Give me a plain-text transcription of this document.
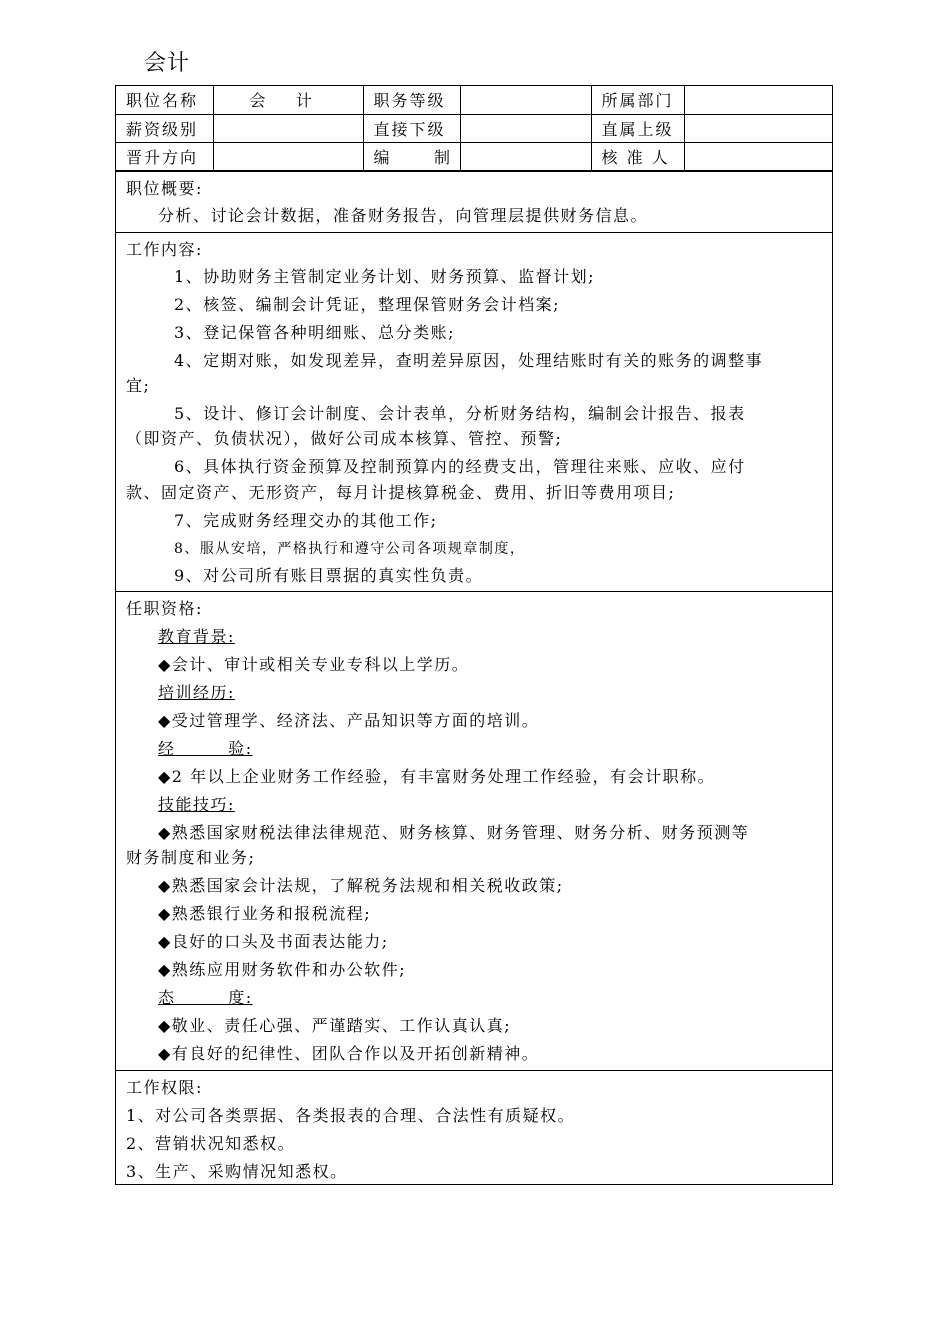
会计
职位名称	会    计	职务等级		所属部门	
薪资级别		直接下级		直属上级	
晋升方向		编      制		核 准 人	
职位概要:
分析、讨论会计数据，准备财务报告，向管理层提供财务信息。
工作内容:
1、协助财务主管制定业务计划、财务预算、监督计划;
2、核签、编制会计凭证，整理保管财务会计档案;
3、登记保管各种明细账、总分类账;
4、定期对账，如发现差异，查明差异原因，处理结账时有关的账务的调整事
宜;
5、设计、修订会计制度、会计表单，分析财务结构，编制会计报告、报表
（即资产、负债状况），做好公司成本核算、管控、预警;
6、具体执行资金预算及控制预算内的经费支出，管理往来账、应收、应付
款、固定资产、无形资产，每月计提核算税金、费用、折旧等费用项目;
7、完成财务经理交办的其他工作;
8、服从安培，严格执行和遵守公司各项规章制度，
9、对公司所有账目票据的真实性负责。
任职资格:
教育背景:
◆会计、审计或相关专业专科以上学历。
培训经历:
◆受过管理学、经济法、产品知识等方面的培训。
经        验:
◆2 年以上企业财务工作经验，有丰富财务处理工作经验，有会计职称。
技能技巧:
◆熟悉国家财税法律法律规范、财务核算、财务管理、财务分析、财务预测等
财务制度和业务;
◆熟悉国家会计法规，了解税务法规和相关税收政策;
◆熟悉银行业务和报税流程;
◆良好的口头及书面表达能力;
◆熟练应用财务软件和办公软件;
态        度:
◆敬业、责任心强、严谨踏实、工作认真认真;
◆有良好的纪律性、团队合作以及开拓创新精神。
工作权限:
1、对公司各类票据、各类报表的合理、合法性有质疑权。
2、营销状况知悉权。
3、生产、采购情况知悉权。
